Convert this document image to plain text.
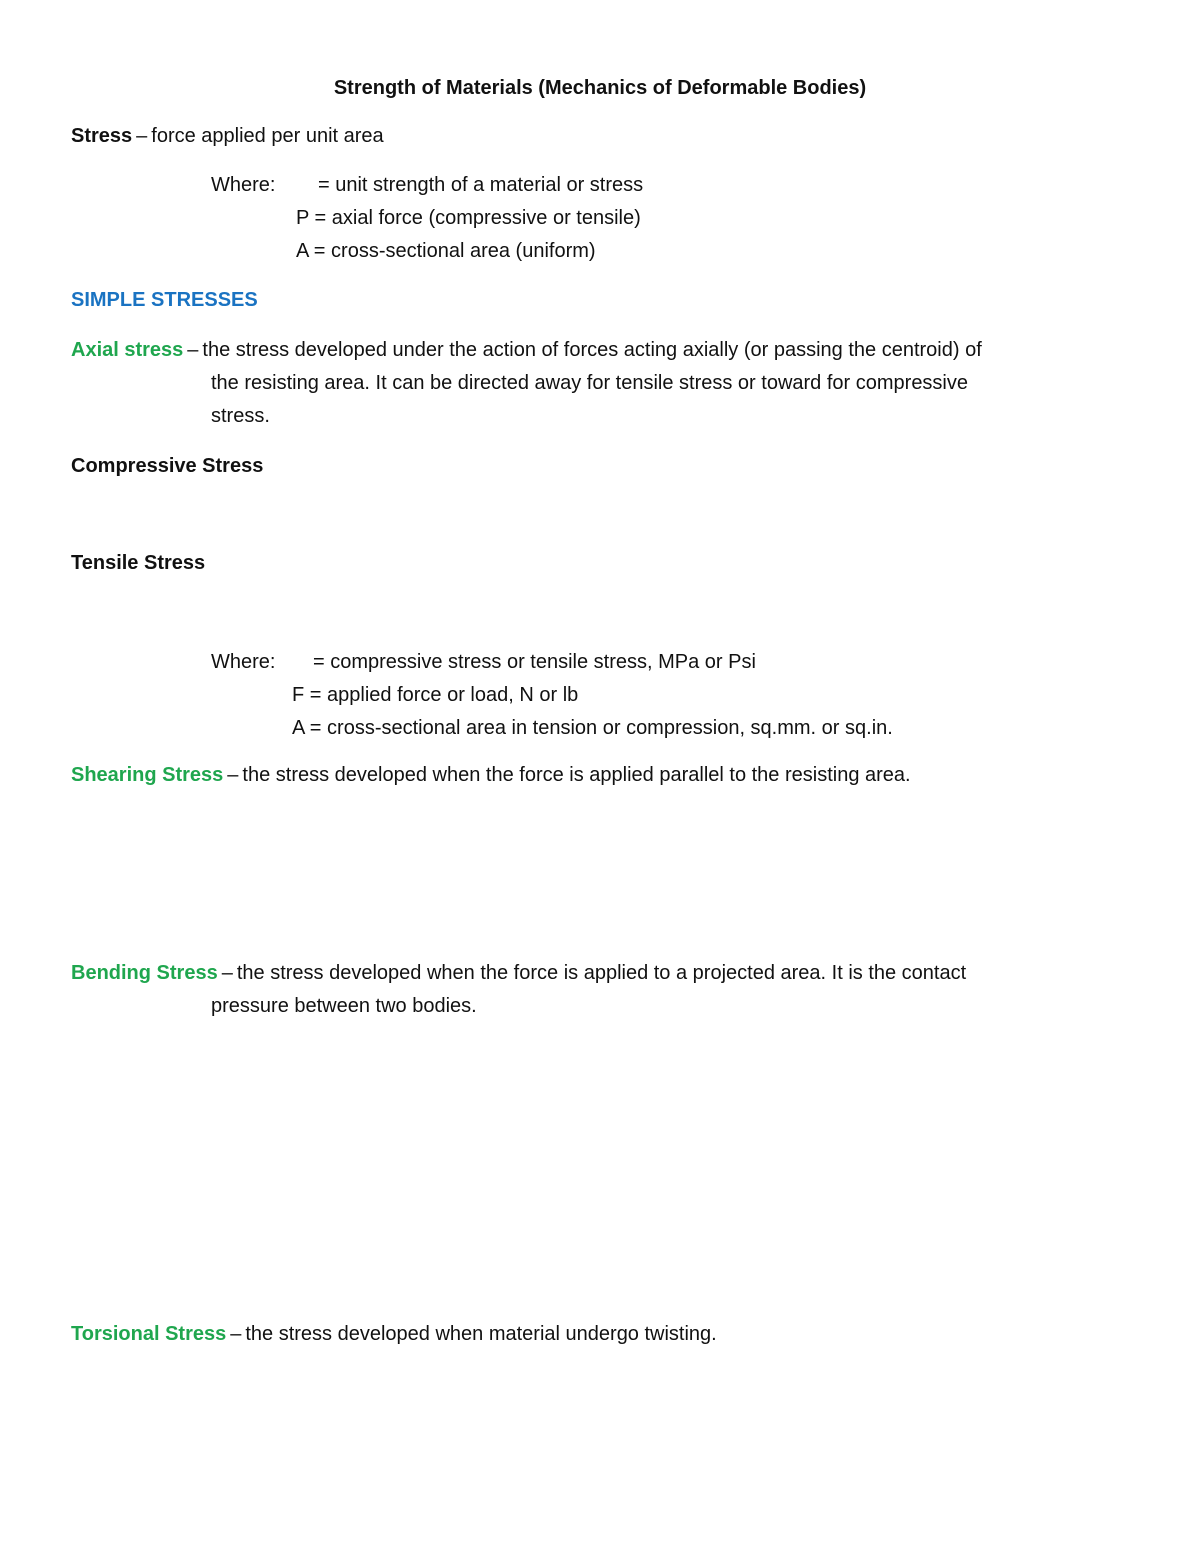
Strength of Materials (Mechanics of Deformable Bodies)
Stress – force applied per unit area
Where: = unit strength of a material or stress
P = axial force (compressive or tensile)
A = cross-sectional area (uniform)
SIMPLE STRESSES
Axial stress – the stress developed under the action of forces acting axially (or passing the centroid) of
the resisting area. It can be directed away for tensile stress or toward for compressive
stress.
Compressive Stress
Tensile Stress
Where: = compressive stress or tensile stress, MPa or Psi
F = applied force or load, N or lb
A = cross-sectional area in tension or compression, sq.mm. or sq.in.
Shearing Stress – the stress developed when the force is applied parallel to the resisting area.
Bending Stress – the stress developed when the force is applied to a projected area. It is the contact
pressure between two bodies.
Torsional Stress – the stress developed when material undergo twisting.
